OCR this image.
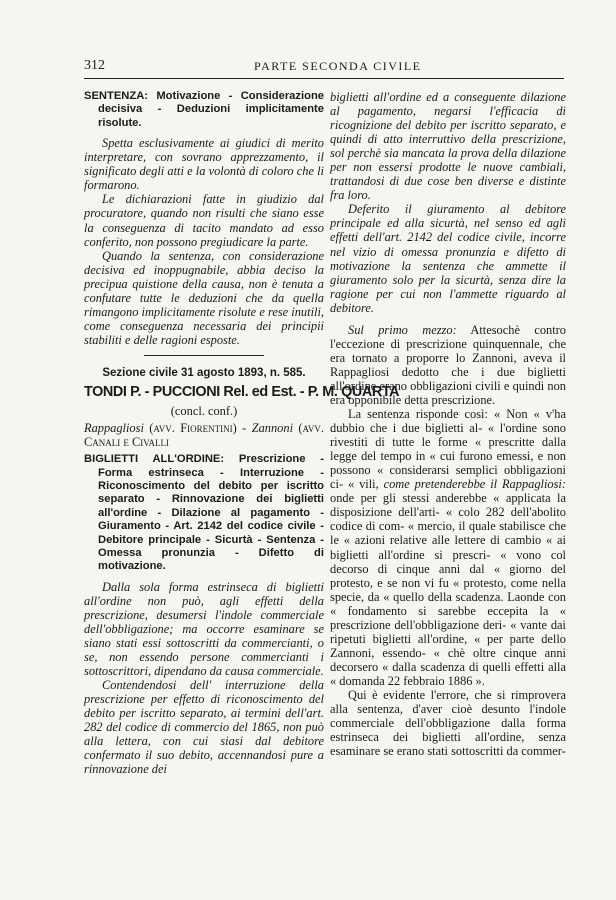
312	PARTE SECONDA CIVILE

SENTENZA: Motivazione - Considerazione decisiva - Deduzioni implicitamente risolute.

Spetta esclusivamente ai giudici di merito interpretare, con sovrano apprezzamento, il significato degli atti e la volontà di coloro che li formarono.

Le dichiarazioni fatte in giudizio dal procuratore, quando non risulti che siano esse la conseguenza di tacito mandato ad esso conferito, non possono pregiudicare la parte.

Quando la sentenza, con considerazione decisiva ed inoppugnabile, abbia deciso la precipua quistione della causa, non è tenuta a confutare tutte le deduzioni che da quella rimangono implicitamente risolute e rese inutili, come conseguenza necessaria dei principii stabiliti e delle ragioni esposte.

Sezione civile 31 agosto 1893, n. 585.
TONDI P. - PUCCIONI Rel. ed Est. - P. M. QUARTA
(concl. conf.)

Rappagliosi (avv. Fiorentini) - Zannoni (avv. Canali e Civalli

BIGLIETTI ALL'ORDINE: Prescrizione - Forma estrinseca - Interruzione - Riconoscimento del debito per iscritto separato - Rinnovazione dei biglietti all'ordine - Dilazione al pagamento - Giuramento - Art. 2142 del codice civile - Debitore principale - Sicurtà - Sentenza - Omessa pronunzia - Difetto di motivazione.

Dalla sola forma estrinseca di biglietti all'ordine non può, agli effetti della prescrizione, desumersi l'indole commerciale dell'obbligazione; ma occorre esaminare se siano stati essi sottoscritti da commercianti, o se, non essendo persone commercianti i sottoscrittori, dipendano da causa commerciale.

Contendendosi dell' interruzione della prescrizione per effetto di riconoscimento del debito per iscritto separato, ai termini dell'art. 282 del codice di commercio del 1865, non può alla lettera, con cui siasi dal debitore confermato il suo debito, accennandosi pure a rinnovazione dei

biglietti all'ordine ed a conseguente dilazione al pagamento, negarsi l'efficacia di ricognizione del debito per iscritto separato, e quindi di atto interruttivo della prescrizione, sol perchè sia mancata la prova della dilazione per non essersi prodotte le nuove cambiali, trattandosi di due cose ben diverse e distinte fra loro.

Deferito il giuramento al debitore principale ed alla sicurtà, nel senso ed agli effetti dell'art. 2142 del codice civile, incorre nel vizio di omessa pronunzia e difetto di motivazione la sentenza che ammette il giuramento solo per la sicurtà, senza dire la ragione per cui non l'ammette riguardo al debitore.

Sul primo mezzo: Attesochè contro l'eccezione di prescrizione quinquennale, che era tornato a proporre lo Zannoni, aveva il Rappagliosi dedotto che i due biglietti all'ordine erano obbligazioni civili e quindi non era opponibile detta prescrizione.

La sentenza risponde così: « Non « v'ha dubbio che i due biglietti al- « l'ordine sono rivestiti di tutte le forme « prescritte dalla legge del tempo in « cui furono emessi, e non possono « considerarsi semplici obbligazioni ci- « vili, come pretenderebbe il Rappagliosi: onde per gli stessi anderebbe « applicata la disposizione dell'arti- « colo 282 dell'abolito codice di com- « mercio, il quale stabilisce che le « azioni relative alle lettere di cambio « ai biglietti all'ordine si prescri- « vono col decorso di cinque anni dal « giorno del protesto, e se non vi fu « protesto, come nella specie, da « quello della scadenza. Laonde con « fondamento si sarebbe eccepita la « prescrizione dell'obbligazione deri- « vante dai ripetuti biglietti all'ordine, « per parte dello Zannoni, essendo- « chè oltre cinque anni decorsero « dalla scadenza di quelli effetti alla « domanda 22 febbraio 1886 ».

Qui è evidente l'errore, che si rimprovera alla sentenza, d'aver cioè desunto l'indole commerciale dell'obbligazione dalla forma estrinseca dei biglietti all'ordine, senza esaminare se erano stati sottoscritti da commer-
